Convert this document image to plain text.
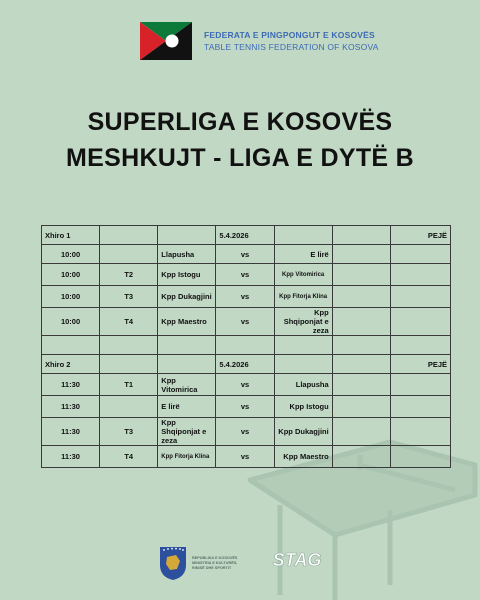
FEDERATA E PINGPONGUT E KOSOVËS
TABLE TENNIS FEDERATION OF KOSOVA
SUPERLIGA E KOSOVËS
MESHKUJT - LIGA E DYTË B
Xhiro 1			5.4.2026			PEJË
10:00		Llapusha	vs	E lirë		
10:00	T2	Kpp Istogu	vs	Kpp Vitomirica		
10:00	T3	Kpp Dukagjini	vs	Kpp Fitorja Klina		
10:00	T4	Kpp Maestro	vs	Kpp Shqiponjat e zeza		

Xhiro 2			5.4.2026			PEJË
11:30	T1	Kpp Vitomirica	vs	Llapusha		
11:30		E lirë	vs	Kpp Istogu		
11:30	T3	Kpp Shqiponjat e zeza	vs	Kpp Dukagjini		
11:30	T4	Kpp Fitorja Klina	vs	Kpp Maestro		
REPUBLIKA E KOSOVËS
MINISTRIA E KULTURËS,
RINISË DHE SPORTIT	STAG
